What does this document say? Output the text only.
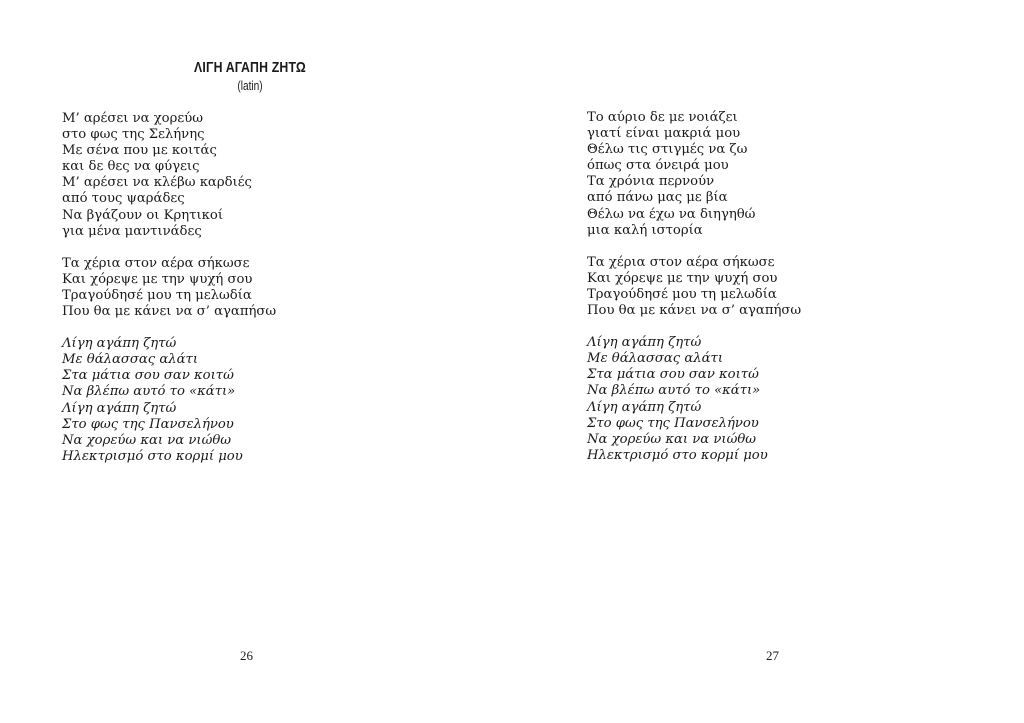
ΛΙΓΗ ΑΓΑΠΗ ΖΗΤΩ
(latin)
Μ’ αρέσει να χορεύω
στο φως της Σελήνης
Με σένα που με κοιτάς
και δε θες να φύγεις
Μ’ αρέσει να κλέβω καρδιές
από τους ψαράδες
Να βγάζουν οι Κρητικοί
για μένα μαντινάδες
Τα χέρια στον αέρα σήκωσε
Και χόρεψε με την ψυχή σου
Τραγούδησέ μου τη μελωδία
Που θα με κάνει να σ’ αγαπήσω
Λίγη αγάπη ζητώ
Με θάλασσας αλάτι
Στα μάτια σου σαν κοιτώ
Να βλέπω αυτό το «κάτι»
Λίγη αγάπη ζητώ
Στο φως της Πανσελήνου
Να χορεύω και να νιώθω
Ηλεκτρισμό στο κορμί μου
26
Το αύριο δε με νοιάζει
γιατί είναι μακριά μου
Θέλω τις στιγμές να ζω
όπως στα όνειρά μου
Τα χρόνια περνούν
από πάνω μας με βία
Θέλω να έχω να διηγηθώ
μια καλή ιστορία
Τα χέρια στον αέρα σήκωσε
Και χόρεψε με την ψυχή σου
Τραγούδησέ μου τη μελωδία
Που θα με κάνει να σ’ αγαπήσω
Λίγη αγάπη ζητώ
Με θάλασσας αλάτι
Στα μάτια σου σαν κοιτώ
Να βλέπω αυτό το «κάτι»
Λίγη αγάπη ζητώ
Στο φως της Πανσελήνου
Να χορεύω και να νιώθω
Ηλεκτρισμό στο κορμί μου
27
